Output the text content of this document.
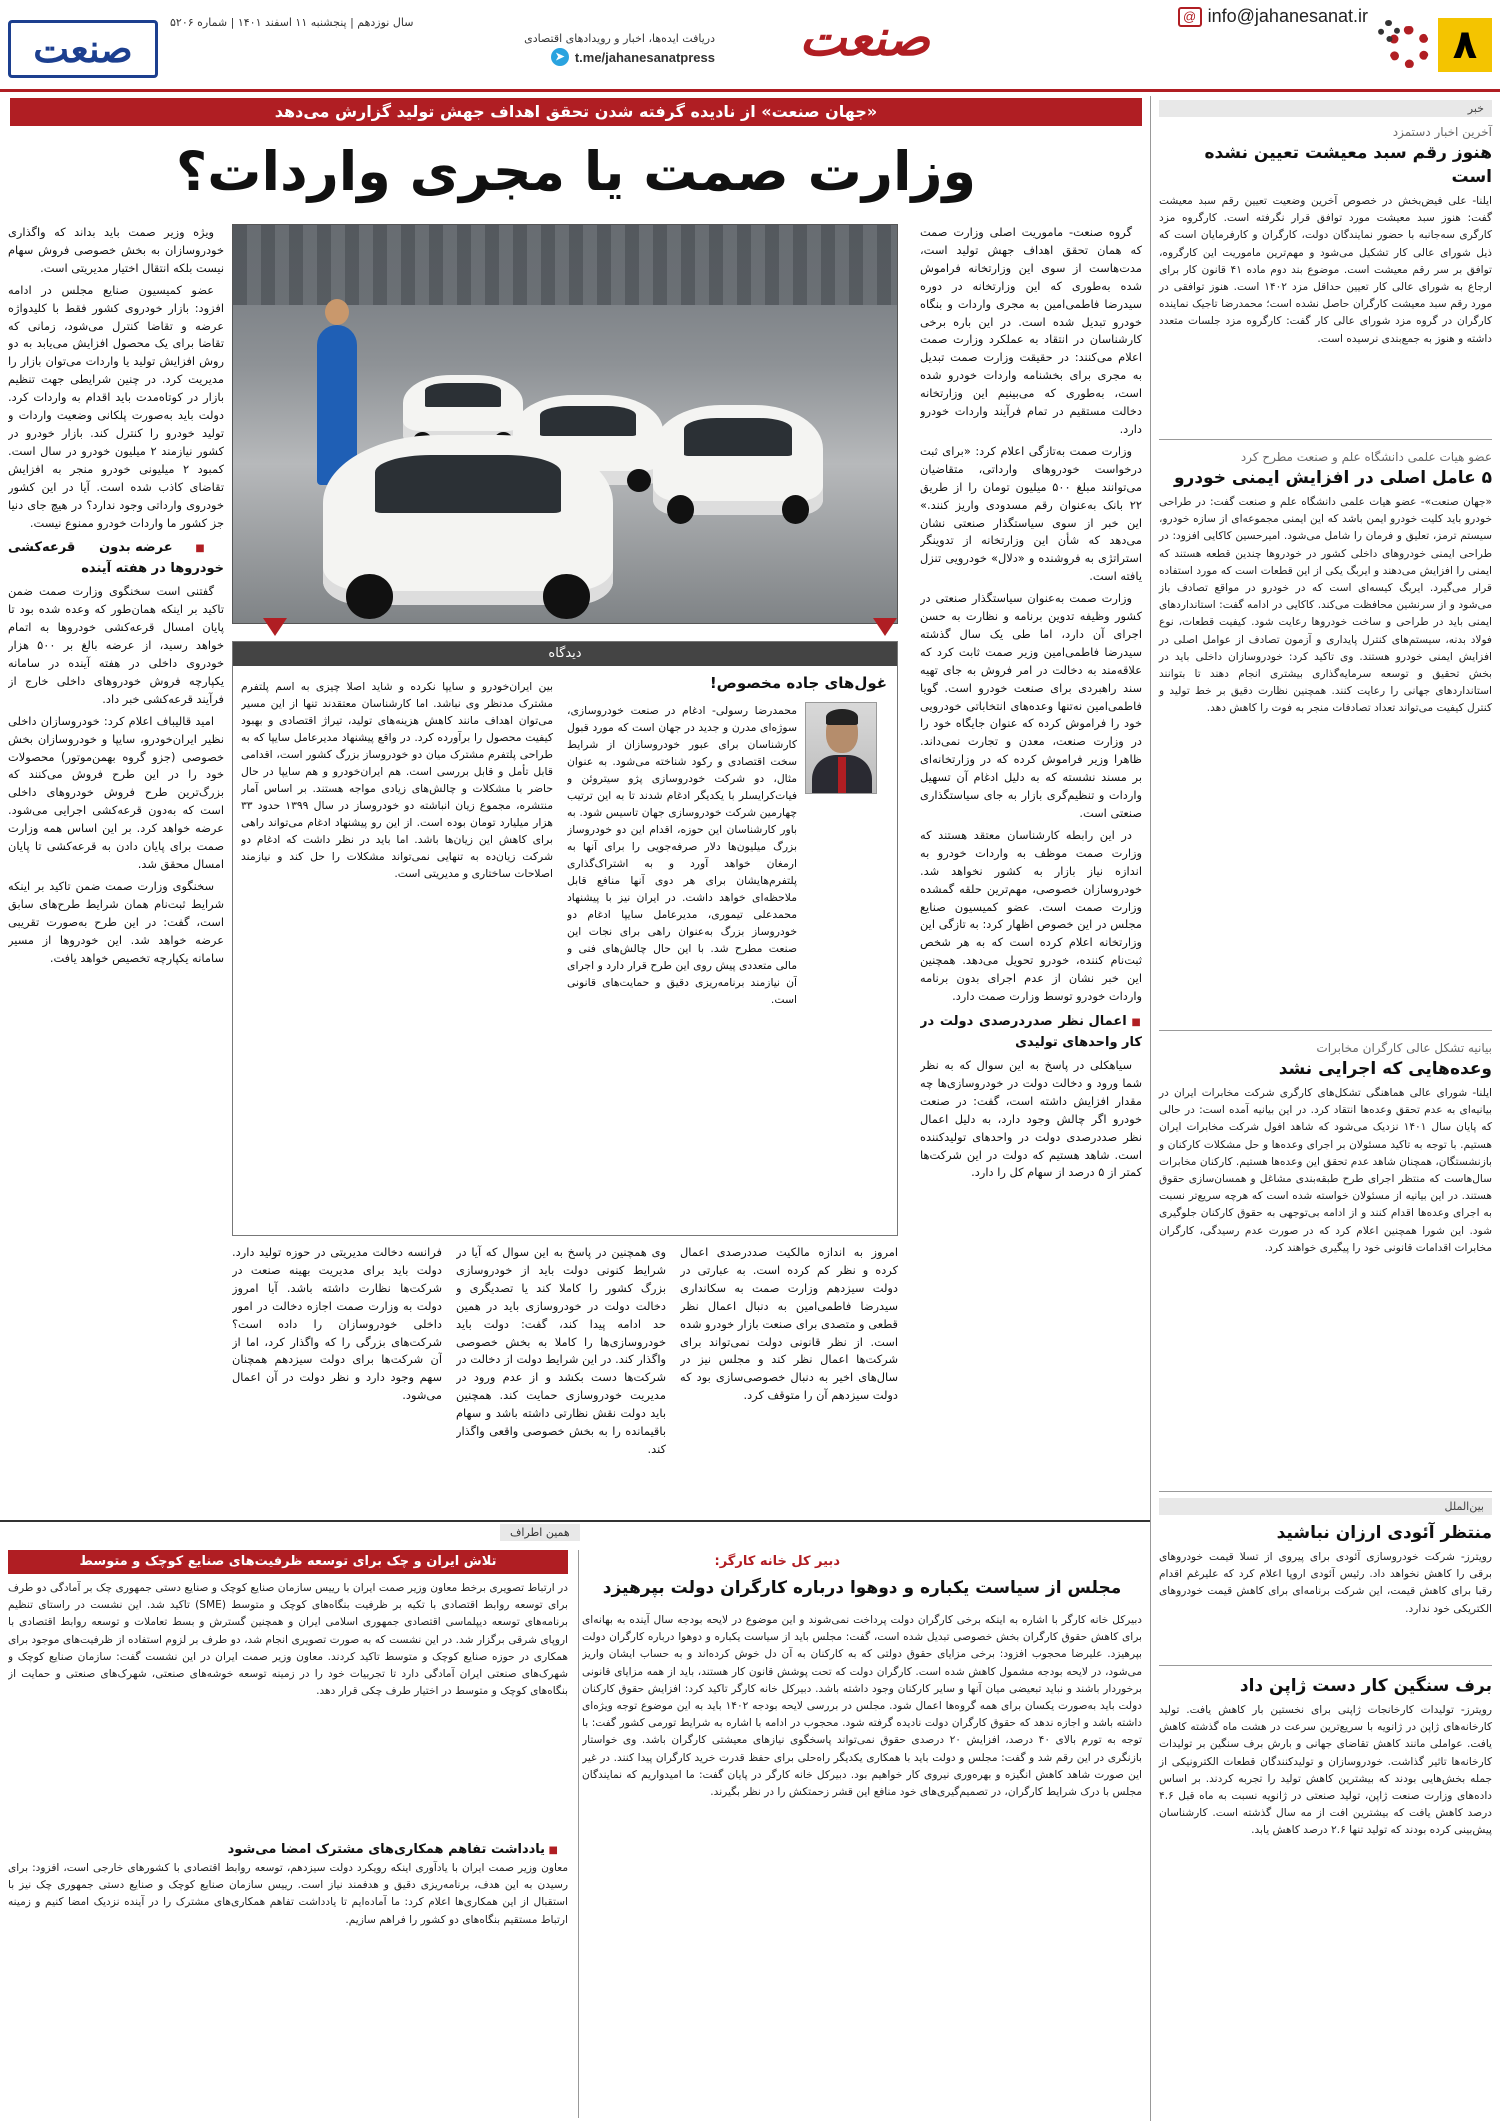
۸
@ info@jahanesanat.ir
صنعت
دریافت ایده‌ها، اخبار و رویدادهای اقتصادی
➤ t.me/jahanesanatpress
سال نوزدهم | پنجشنبه ۱۱ اسفند ۱۴۰۱ | شماره ۵۲۰۶
صنعت
خبر
آخرین اخبار دستمزد
هنوز رقم سبد معیشت تعیین نشده است
ایلنا- علی فیض‌بخش در خصوص آخرین وضعیت تعیین رقم سبد معیشت گفت: هنوز سبد معیشت مورد توافق قرار نگرفته است. کارگروه مزد کارگری سه‌جانبه با حضور نمایندگان دولت، کارگران و کارفرمایان است که ذیل شورای عالی کار تشکیل می‌شود و مهم‌ترین ماموریت این کارگروه، توافق بر سر رقم معیشت است. موضوع بند دوم ماده ۴۱ قانون کار برای ارجاع به شورای عالی کار تعیین حداقل مزد ۱۴۰۲ است. هنوز توافقی در مورد رقم سبد معیشت کارگران حاصل نشده است؛ محمدرضا تاجیک نماینده کارگران در گروه مزد شورای عالی کار گفت: کارگروه مزد جلسات متعدد داشته و هنوز به جمع‌بندی نرسیده است.
عضو هیات علمی دانشگاه علم و صنعت مطرح کرد
۵ عامل اصلی در افزایش ایمنی خودرو
«جهان صنعت»- عضو هیات علمی دانشگاه علم و صنعت گفت: در طراحی خودرو باید کلیت خودرو ایمن باشد که این ایمنی مجموعه‌ای از سازه خودرو، سیستم ترمز، تعلیق و فرمان را شامل می‌شود. امیرحسین کاکایی افزود: در طراحی ایمنی خودروهای داخلی کشور در خودروها چندین قطعه هستند که ایمنی را افزایش می‌دهند و ایربگ یکی از این قطعات است که مورد استفاده قرار می‌گیرد. ایربگ کیسه‌ای است که در خودرو در مواقع تصادف باز می‌شود و از سرنشین محافظت می‌کند. کاکایی در ادامه گفت: استانداردهای ایمنی باید در طراحی و ساخت خودروها رعایت شود. کیفیت قطعات، نوع فولاد بدنه، سیستم‌های کنترل پایداری و آزمون تصادف از عوامل اصلی در افزایش ایمنی خودرو هستند. وی تاکید کرد: خودروسازان داخلی باید در بخش تحقیق و توسعه سرمایه‌گذاری بیشتری انجام دهند تا بتوانند استانداردهای جهانی را رعایت کنند. همچنین نظارت دقیق بر خط تولید و کنترل کیفیت می‌تواند تعداد تصادفات منجر به فوت را کاهش دهد.
بیانیه تشکل عالی کارگران مخابرات
وعده‌هایی که اجرایی نشد
ایلنا- شورای عالی هماهنگی تشکل‌های کارگری شرکت مخابرات ایران در بیانیه‌ای به عدم تحقق وعده‌ها انتقاد کرد. در این بیانیه آمده است: در حالی که پایان سال ۱۴۰۱ نزدیک می‌شود که شاهد افول شرکت مخابرات ایران هستیم. با توجه به تاکید مسئولان بر اجرای وعده‌ها و حل مشکلات کارکنان و بازنشستگان، همچنان شاهد عدم تحقق این وعده‌ها هستیم. کارکنان مخابرات سال‌هاست که منتظر اجرای طرح طبقه‌بندی مشاغل و همسان‌سازی حقوق هستند. در این بیانیه از مسئولان خواسته شده است که هرچه سریع‌تر نسبت به اجرای وعده‌ها اقدام کنند و از ادامه بی‌توجهی به حقوق کارکنان جلوگیری شود. این شورا همچنین اعلام کرد که در صورت عدم رسیدگی، کارگران مخابرات اقدامات قانونی خود را پیگیری خواهند کرد.
بین‌الملل
منتظر آئودی ارزان نباشید
رویترز- شرکت خودروسازی آئودی برای پیروی از تسلا قیمت خودروهای برقی را کاهش نخواهد داد. رئیس آئودی اروپا اعلام کرد که علیرغم اقدام رقبا برای کاهش قیمت، این شرکت برنامه‌ای برای کاهش قیمت خودروهای الکتریکی خود ندارد.
برف سنگین کار دست ژاپن داد
رویترز- تولیدات کارخانجات ژاپنی برای نخستین بار کاهش یافت. تولید کارخانه‌های ژاپن در ژانویه با سریع‌ترین سرعت در هشت ماه گذشته کاهش یافت. عواملی مانند کاهش تقاضای جهانی و بارش برف سنگین بر تولیدات کارخانه‌ها تاثیر گذاشت. خودروسازان و تولیدکنندگان قطعات الکترونیکی از جمله بخش‌هایی بودند که بیشترین کاهش تولید را تجربه کردند. بر اساس داده‌های وزارت صنعت ژاپن، تولید صنعتی در ژانویه نسبت به ماه قبل ۴.۶ درصد کاهش یافت که بیشترین افت از مه سال گذشته است. کارشناسان پیش‌بینی کرده بودند که تولید تنها ۲.۶ درصد کاهش یابد.
«جهان صنعت» از نادیده گرفته شدن تحقق اهداف جهش تولید گزارش می‌دهد
وزارت صمت یا مجری واردات؟

گروه صنعت- ماموریت اصلی وزارت صمت که همان تحقق اهداف جهش تولید است، مدت‌هاست از سوی این وزارتخانه فراموش شده به‌طوری که این وزارتخانه در دوره سیدرضا فاطمی‌امین به مجری واردات و بنگاه خودرو تبدیل شده است. در این باره برخی کارشناسان در انتقاد به عملکرد وزارت صمت اعلام می‌کنند: در حقیقت وزارت صمت تبدیل به مجری برای بخشنامه واردات خودرو شده است، به‌طوری که می‌بینیم این وزارتخانه دخالت مستقیم در تمام فرآیند واردات خودرو دارد.

وزارت صمت به‌تازگی اعلام کرد: «برای ثبت درخواست خودروهای وارداتی، متقاضیان می‌توانند مبلغ ۵۰۰ میلیون تومان را از طریق ۲۲ بانک به‌عنوان رقم مسدودی واریز کنند.» این خبر از سوی سیاستگذار صنعتی نشان می‌دهد که شأن این وزارتخانه از تدوینگر استراتژی به فروشنده و «دلال» خودرویی تنزل یافته است.

وزارت صمت به‌عنوان سیاستگذار صنعتی در کشور وظیفه تدوین برنامه و نظارت به حسن اجرای آن دارد، اما طی یک سال گذشته سیدرضا فاطمی‌امین وزیر صمت ثابت کرد که علاقه‌مند به دخالت در امر فروش به جای تهیه سند راهبردی برای صنعت خودرو است. گویا فاطمی‌امین نه‌تنها وعده‌های انتخاباتی خودرویی خود را فراموش کرده که عنوان جایگاه خود را در وزارت صنعت، معدن و تجارت نمی‌داند. ظاهرا وزیر فراموش کرده که در وزارتخانه‌ای بر مسند نشسته که به دلیل ادغام آن تسهیل واردات و تنظیم‌گری بازار به جای سیاستگذاری صنعتی است.

در این رابطه کارشناسان معتقد هستند که وزارت صمت موظف به واردات خودرو به اندازه نیاز بازار به کشور نخواهد شد. خودروسازان خصوصی، مهم‌ترین حلقه گمشده وزارت صمت است. عضو کمیسیون صنایع مجلس در این خصوص اظهار کرد: به تازگی این وزارتخانه اعلام کرده است که به هر شخص ثبت‌نام کننده، خودرو تحویل می‌دهد. همچنین این خبر نشان از عدم اجرای بدون برنامه واردات خودرو توسط وزارت صمت دارد.

■ اعمال نظر صدردرصدی دولت در کار واحدهای تولیدی

سیاهکلی در پاسخ به این سوال که به نظر شما ورود و دخالت دولت در خودروسازی‌ها چه مقدار افزایش داشته است، گفت: در صنعت خودرو اگر چالش وجود دارد، به دلیل اعمال نظر صددرصدی دولت در واحدهای تولیدکننده است. شاهد هستیم که دولت در این شرکت‌ها کمتر از ۵ درصد از سهام کل را دارد.

دیدگاه
غول‌های جاده مخصوص!
محمدرضا رسولی- ادغام در صنعت خودروسازی، سوژه‌ای مدرن و جدید در جهان است که مورد قبول کارشناسان برای عبور خودروسازان از شرایط سخت اقتصادی و رکود شناخته می‌شود. به عنوان مثال، دو شرکت خودروسازی پژو سیتروئن و فیات‌کرایسلر با یکدیگر ادغام شدند تا به این ترتیب چهارمین شرکت خودروسازی جهان تاسیس شود. به باور کارشناسان این حوزه، اقدام این دو خودروساز بزرگ میلیون‌ها دلار صرفه‌جویی را برای آنها به ارمغان خواهد آورد و به اشتراک‌گذاری پلتفرم‌هایشان برای هر دوی آنها منافع قابل ملاحظه‌ای خواهد داشت. در ایران نیز با پیشنهاد محمدعلی تیموری، مدیرعامل سایپا ادغام دو خودروساز بزرگ به‌عنوان راهی برای نجات این صنعت مطرح شد. با این حال چالش‌های فنی و مالی متعددی پیش روی این طرح قرار دارد و اجرای آن نیازمند برنامه‌ریزی دقیق و حمایت‌های قانونی است.
بین ایران‌خودرو و سایپا نکرده و شاید اصلا چیزی به اسم پلتفرم مشترک مدنظر وی نباشد. اما کارشناسان معتقدند تنها از این مسیر می‌توان اهداف مانند کاهش هزینه‌های تولید، تیراژ اقتصادی و بهبود کیفیت محصول را برآورده کرد. در واقع پیشنهاد مدیرعامل سایپا که به طراحی پلتفرم مشترک میان دو خودروساز بزرگ کشور است، اقدامی قابل تأمل و قابل بررسی است. هم ایران‌خودرو و هم سایپا در حال حاضر با مشکلات و چالش‌های زیادی مواجه هستند. بر اساس آمار منتشره، مجموع زیان انباشته دو خودروساز در سال ۱۳۹۹ حدود ۳۳ هزار میلیارد تومان بوده است. از این رو پیشنهاد ادغام می‌تواند راهی برای کاهش این زیان‌ها باشد. اما باید در نظر داشت که ادغام دو شرکت زیان‌ده به تنهایی نمی‌تواند مشکلات را حل کند و نیازمند اصلاحات ساختاری و مدیریتی است.

ویژه وزیر صمت باید بداند که واگذاری خودروسازان به بخش خصوصی فروش سهام نیست بلکه انتقال اختیار مدیریتی است.

عضو کمیسیون صنایع مجلس در ادامه افزود: بازار خودروی کشور فقط با کلیدواژه عرضه و تقاضا کنترل می‌شود، زمانی که تقاضا برای یک محصول افزایش می‌یابد به دو روش افزایش تولید یا واردات می‌توان بازار را مدیریت کرد. در چنین شرایطی جهت تنظیم بازار در کوتاه‌مدت باید اقدام به واردات کرد. دولت باید به‌صورت پلکانی وضعیت واردات و تولید خودرو را کنترل کند. بازار خودرو در کشور نیازمند ۲ میلیون خودرو در سال است. کمبود ۲ میلیونی خودرو منجر به افزایش تقاضای کاذب شده است. آیا در این کشور خودروی وارداتی وجود ندارد؟ در هیچ جای دنیا جز کشور ما واردات خودرو ممنوع نیست.

■ عرضه بدون قرعه‌کشی خودروها در هفته آینده

گفتنی است سخنگوی وزارت صمت ضمن تاکید بر اینکه همان‌طور که وعده شده بود تا پایان امسال قرعه‌کشی خودروها به اتمام خواهد رسید، از عرضه بالغ بر ۵۰۰ هزار خودروی داخلی در هفته آینده در سامانه یکپارچه فروش خودروهای داخلی خارج از فرآیند قرعه‌کشی خبر داد.

امید قالیباف اعلام کرد: خودروسازان داخلی نظیر ایران‌خودرو، سایپا و خودروسازان بخش خصوصی (جزو گروه بهمن‌موتور) محصولات خود را در این طرح فروش می‌کنند که بزرگ‌ترین طرح فروش خودروهای داخلی است که به‌دون قرعه‌کشی اجرایی می‌شود. عرضه خواهد کرد. بر این اساس همه وزارت صمت برای پایان دادن به قرعه‌کشی تا پایان امسال محقق شد.

سخنگوی وزارت صمت ضمن تاکید بر اینکه شرایط ثبت‌نام همان شرایط طرح‌های سابق است، گفت: در این طرح به‌صورت تقریبی عرضه خواهد شد. این خودروها از مسیر سامانه یکپارچه تخصیص خواهد یافت.

فرانسه دخالت مدیریتی در حوزه تولید دارد. دولت باید برای مدیریت بهینه صنعت در شرکت‌ها نظارت داشته باشد. آیا امروز دولت به وزارت صمت اجازه دخالت در امور داخلی خودروسازان را داده است؟ شرکت‌های بزرگی را که واگذار کرد، اما از آن شرکت‌ها برای دولت سیزدهم همچنان سهم وجود دارد و نظر دولت در آن اعمال می‌شود.
وی همچنین در پاسخ به این سوال که آیا در شرایط کنونی دولت باید از خودروسازی بزرگ کشور را کاملا کند یا تصدیگری و دخالت دولت در خودروسازی باید در همین حد ادامه پیدا کند، گفت: دولت باید خودروسازی‌ها را کاملا به بخش خصوصی واگذار کند. در این شرایط دولت از دخالت در شرکت‌ها دست بکشد و از عدم ورود در مدیریت خودروسازی حمایت کند. همچنین باید دولت نقش نظارتی داشته باشد و سهام باقیمانده را به بخش خصوصی واقعی واگذار کند.
امروز به اندازه مالکیت صددرصدی اعمال کرده و نظر کم کرده است. به عبارتی در دولت سیزدهم وزارت صمت به سکانداری سیدرضا فاطمی‌امین به دنبال اعمال نظر قطعی و متصدی برای صنعت بازار خودرو شده است. از نظر قانونی دولت نمی‌تواند برای شرکت‌ها اعمال نظر کند و مجلس نیز در سال‌های اخیر به دنبال خصوصی‌سازی بود که دولت سیزدهم آن را متوقف کرد.
همین اطراف
دبیر کل خانه کارگر:
مجلس از سیاست یکباره و دوهوا درباره کارگران دولت بپرهیزد
دبیرکل خانه کارگر با اشاره به اینکه برخی کارگران دولت پرداخت نمی‌شوند و این موضوع در لایحه بودجه سال آینده به بهانه‌ای برای کاهش حقوق کارگران بخش خصوصی تبدیل شده است، گفت: مجلس باید از سیاست یکباره و دوهوا درباره کارگران دولت بپرهیزد. علیرضا محجوب افزود: برخی مزایای حقوق دولتی که به کارکنان به آن دل خوش کرده‌اند و به حساب ایشان واریز می‌شود، در لایحه بودجه مشمول کاهش شده است. کارگران دولت که تحت پوشش قانون کار هستند، باید از همه مزایای قانونی برخوردار باشند و نباید تبعیضی میان آنها و سایر کارکنان وجود داشته باشد. دبیرکل خانه کارگر تاکید کرد: افزایش حقوق کارکنان دولت باید به‌صورت یکسان برای همه گروه‌ها اعمال شود. مجلس در بررسی لایحه بودجه ۱۴۰۲ باید به این موضوع توجه ویژه‌ای داشته باشد و اجازه ندهد که حقوق کارگران دولت نادیده گرفته شود. محجوب در ادامه با اشاره به شرایط تورمی کشور گفت: با توجه به تورم بالای ۴۰ درصد، افزایش ۲۰ درصدی حقوق نمی‌تواند پاسخگوی نیازهای معیشتی کارگران باشد. وی خواستار بازنگری در این رقم شد و گفت: مجلس و دولت باید با همکاری یکدیگر راه‌حلی برای حفظ قدرت خرید کارگران پیدا کنند. در غیر این صورت شاهد کاهش انگیزه و بهره‌وری نیروی کار خواهیم بود. دبیرکل خانه کارگر در پایان گفت: ما امیدواریم که نمایندگان مجلس با درک شرایط کارگران، در تصمیم‌گیری‌های خود منافع این قشر زحمتکش را در نظر بگیرند.
تلاش ایران و چک برای توسعه ظرفیت‌های صنایع کوچک و متوسط
در ارتباط تصویری برخط معاون وزیر صمت ایران با رییس سازمان صنایع کوچک و صنایع دستی جمهوری چک بر آمادگی دو طرف برای توسعه روابط اقتصادی با تکیه بر ظرفیت بنگاه‌های کوچک و متوسط (SME) تاکید شد. این نشست در راستای تنظیم برنامه‌های توسعه دیپلماسی اقتصادی جمهوری اسلامی ایران و همچنین گسترش و بسط تعاملات و توسعه روابط اقتصادی با اروپای شرقی برگزار شد. در این نشست که به صورت تصویری انجام شد، دو طرف بر لزوم استفاده از ظرفیت‌های موجود برای همکاری در حوزه صنایع کوچک و متوسط تاکید کردند. معاون وزیر صمت ایران در این نشست گفت: سازمان صنایع کوچک و شهرک‌های صنعتی ایران آمادگی دارد تا تجربیات خود را در زمینه توسعه خوشه‌های صنعتی، شهرک‌های صنعتی و حمایت از بنگاه‌های کوچک و متوسط در اختیار طرف چکی قرار دهد.
■ یادداشت تفاهم همکاری‌های مشترک امضا می‌شود
معاون وزیر صمت ایران با یادآوری اینکه رویکرد دولت سیزدهم، توسعه روابط اقتصادی با کشورهای خارجی است، افزود: برای رسیدن به این هدف، برنامه‌ریزی دقیق و هدفمند نیاز است. رییس سازمان صنایع کوچک و صنایع دستی جمهوری چک نیز با استقبال از این همکاری‌ها اعلام کرد: ما آماده‌ایم تا یادداشت تفاهم همکاری‌های مشترک را در آینده نزدیک امضا کنیم و زمینه ارتباط مستقیم بنگاه‌های دو کشور را فراهم سازیم.
